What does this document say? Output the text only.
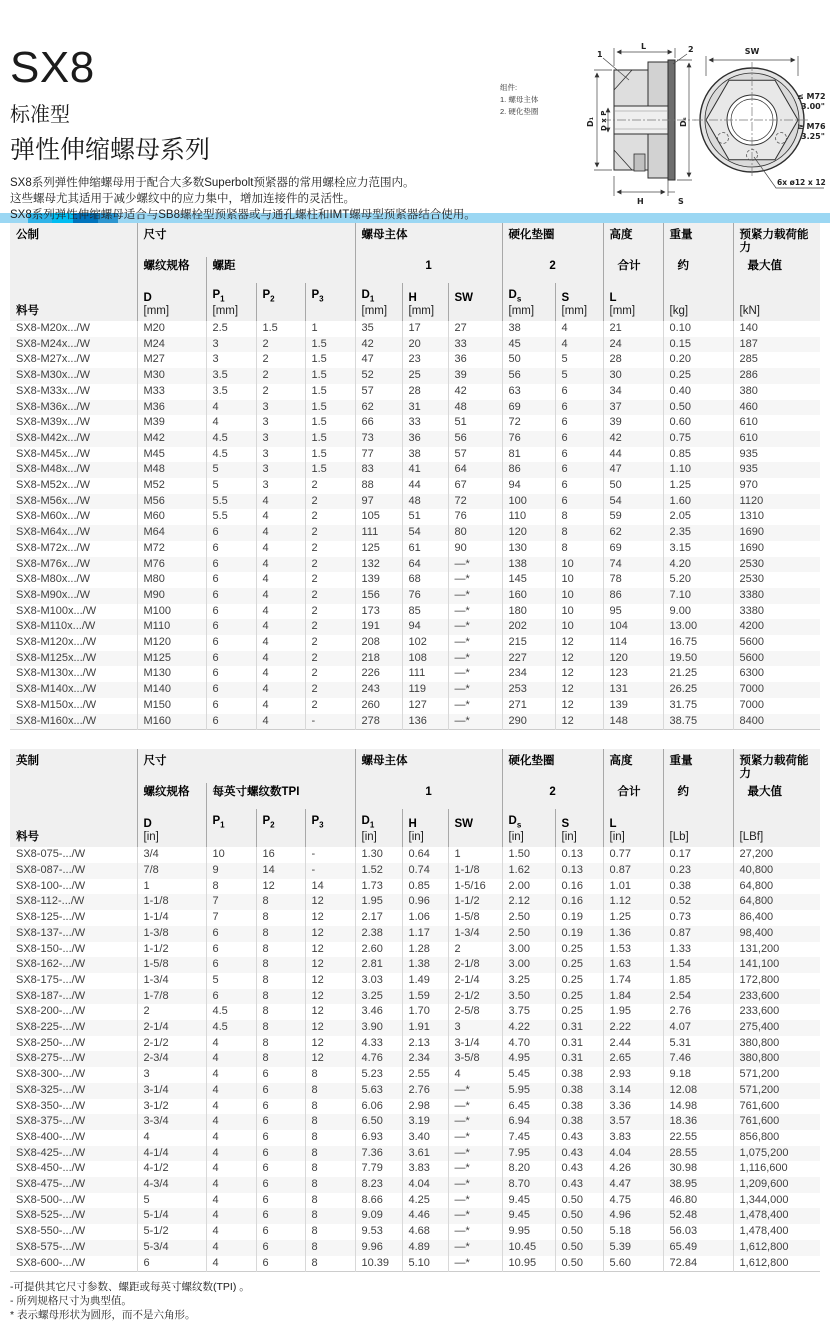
SX8
标准型
弹性伸缩螺母系列
SX8系列弹性伸缩螺母用于配合大多数Superbolt预紧器的常用螺栓应力范围内。
这些螺母尤其适用于减少螺纹中的应力集中，增加连接件的灵活性。
SX8系列弹性伸缩螺母适合与SB8螺栓型预紧器或与通孔螺柱和IMT螺母型预紧器结合使用。
组件:
1. 螺母主体
2. 硬化垫圈
L
1
2
D₁ D x P	Dₛ
H	S
SW
≤ M72
3.00"
≥ M76
3.25"
6x ø12 x 12
公制	尺寸				螺母主体			硬化垫圈		高度	重量	预紧力载荷能力
	螺纹规格	螺距			1			2		合计	约	最大值
料号	D
[mm]	$P_1$
[mm]	$P_2$	$P_3$	$D_1$
[mm]	H
[mm]	SW	$D_s$
[mm]	S
[mm]	L
[mm]	[kg]	[kN]
SX8-M20x.../W	M20	2.5	1.5	1	35	17	27	38	4	21	0.10	140
SX8-M24x.../W	M24	3	2	1.5	42	20	33	45	4	24	0.15	187
SX8-M27x.../W	M27	3	2	1.5	47	23	36	50	5	28	0.20	285
SX8-M30x.../W	M30	3.5	2	1.5	52	25	39	56	5	30	0.25	286
SX8-M33x.../W	M33	3.5	2	1.5	57	28	42	63	6	34	0.40	380
SX8-M36x.../W	M36	4	3	1.5	62	31	48	69	6	37	0.50	460
SX8-M39x.../W	M39	4	3	1.5	66	33	51	72	6	39	0.60	610
SX8-M42x.../W	M42	4.5	3	1.5	73	36	56	76	6	42	0.75	610
SX8-M45x.../W	M45	4.5	3	1.5	77	38	57	81	6	44	0.85	935
SX8-M48x.../W	M48	5	3	1.5	83	41	64	86	6	47	1.10	935
SX8-M52x.../W	M52	5	3	2	88	44	67	94	6	50	1.25	970
SX8-M56x.../W	M56	5.5	4	2	97	48	72	100	6	54	1.60	1120
SX8-M60x.../W	M60	5.5	4	2	105	51	76	110	8	59	2.05	1310
SX8-M64x.../W	M64	6	4	2	111	54	80	120	8	62	2.35	1690
SX8-M72x.../W	M72	6	4	2	125	61	90	130	8	69	3.15	1690
SX8-M76x.../W	M76	6	4	2	132	64	—*	138	10	74	4.20	2530
SX8-M80x.../W	M80	6	4	2	139	68	—*	145	10	78	5.20	2530
SX8-M90x.../W	M90	6	4	2	156	76	—*	160	10	86	7.10	3380
SX8-M100x.../W	M100	6	4	2	173	85	—*	180	10	95	9.00	3380
SX8-M110x.../W	M110	6	4	2	191	94	—*	202	10	104	13.00	4200
SX8-M120x.../W	M120	6	4	2	208	102	—*	215	12	114	16.75	5600
SX8-M125x.../W	M125	6	4	2	218	108	—*	227	12	120	19.50	5600
SX8-M130x.../W	M130	6	4	2	226	111	—*	234	12	123	21.25	6300
SX8-M140x.../W	M140	6	4	2	243	119	—*	253	12	131	26.25	7000
SX8-M150x.../W	M150	6	4	2	260	127	—*	271	12	139	31.75	7000
SX8-M160x.../W	M160	6	4	-	278	136	—*	290	12	148	38.75	8400
英制	尺寸				螺母主体			硬化垫圈		高度	重量	预紧力载荷能力
	螺纹规格	每英寸螺纹数TPI			1			2		合计	约	最大值
料号	D
[in]	$P_1$	$P_2$	$P_3$	$D_1$
[in]	H
[in]	SW	$D_s$
[in]	S
[in]	L
[in]	[Lb]	[LBf]
SX8-075-.../W	3/4	10	16	-	1.30	0.64	1	1.50	0.13	0.77	0.17	27,200
SX8-087-.../W	7/8	9	14	-	1.52	0.74	1-1/8	1.62	0.13	0.87	0.23	40,800
SX8-100-.../W	1	8	12	14	1.73	0.85	1-5/16	2.00	0.16	1.01	0.38	64,800
SX8-112-.../W	1-1/8	7	8	12	1.95	0.96	1-1/2	2.12	0.16	1.12	0.52	64,800
SX8-125-.../W	1-1/4	7	8	12	2.17	1.06	1-5/8	2.50	0.19	1.25	0.73	86,400
SX8-137-.../W	1-3/8	6	8	12	2.38	1.17	1-3/4	2.50	0.19	1.36	0.87	98,400
SX8-150-.../W	1-1/2	6	8	12	2.60	1.28	2	3.00	0.25	1.53	1.33	131,200
SX8-162-.../W	1-5/8	6	8	12	2.81	1.38	2-1/8	3.00	0.25	1.63	1.54	141,100
SX8-175-.../W	1-3/4	5	8	12	3.03	1.49	2-1/4	3.25	0.25	1.74	1.85	172,800
SX8-187-.../W	1-7/8	6	8	12	3.25	1.59	2-1/2	3.50	0.25	1.84	2.54	233,600
SX8-200-.../W	2	4.5	8	12	3.46	1.70	2-5/8	3.75	0.25	1.95	2.76	233,600
SX8-225-.../W	2-1/4	4.5	8	12	3.90	1.91	3	4.22	0.31	2.22	4.07	275,400
SX8-250-.../W	2-1/2	4	8	12	4.33	2.13	3-1/4	4.70	0.31	2.44	5.31	380,800
SX8-275-.../W	2-3/4	4	8	12	4.76	2.34	3-5/8	4.95	0.31	2.65	7.46	380,800
SX8-300-.../W	3	4	6	8	5.23	2.55	4	5.45	0.38	2.93	9.18	571,200
SX8-325-.../W	3-1/4	4	6	8	5.63	2.76	—*	5.95	0.38	3.14	12.08	571,200
SX8-350-.../W	3-1/2	4	6	8	6.06	2.98	—*	6.45	0.38	3.36	14.98	761,600
SX8-375-.../W	3-3/4	4	6	8	6.50	3.19	—*	6.94	0.38	3.57	18.36	761,600
SX8-400-.../W	4	4	6	8	6.93	3.40	—*	7.45	0.43	3.83	22.55	856,800
SX8-425-.../W	4-1/4	4	6	8	7.36	3.61	—*	7.95	0.43	4.04	28.55	1,075,200
SX8-450-.../W	4-1/2	4	6	8	7.79	3.83	—*	8.20	0.43	4.26	30.98	1,116,600
SX8-475-.../W	4-3/4	4	6	8	8.23	4.04	—*	8.70	0.43	4.47	38.95	1,209,600
SX8-500-.../W	5	4	6	8	8.66	4.25	—*	9.45	0.50	4.75	46.80	1,344,000
SX8-525-.../W	5-1/4	4	6	8	9.09	4.46	—*	9.45	0.50	4.96	52.48	1,478,400
SX8-550-.../W	5-1/2	4	6	8	9.53	4.68	—*	9.95	0.50	5.18	56.03	1,478,400
SX8-575-.../W	5-3/4	4	6	8	9.96	4.89	—*	10.45	0.50	5.39	65.49	1,612,800
SX8-600-.../W	6	4	6	8	10.39	5.10	—*	10.95	0.50	5.60	72.84	1,612,800
-可提供其它尺寸参数、螺距或每英寸螺纹数(TPI) 。
- 所列规格尺寸为典型值。
* 表示螺母形状为圆形，而不是六角形。
